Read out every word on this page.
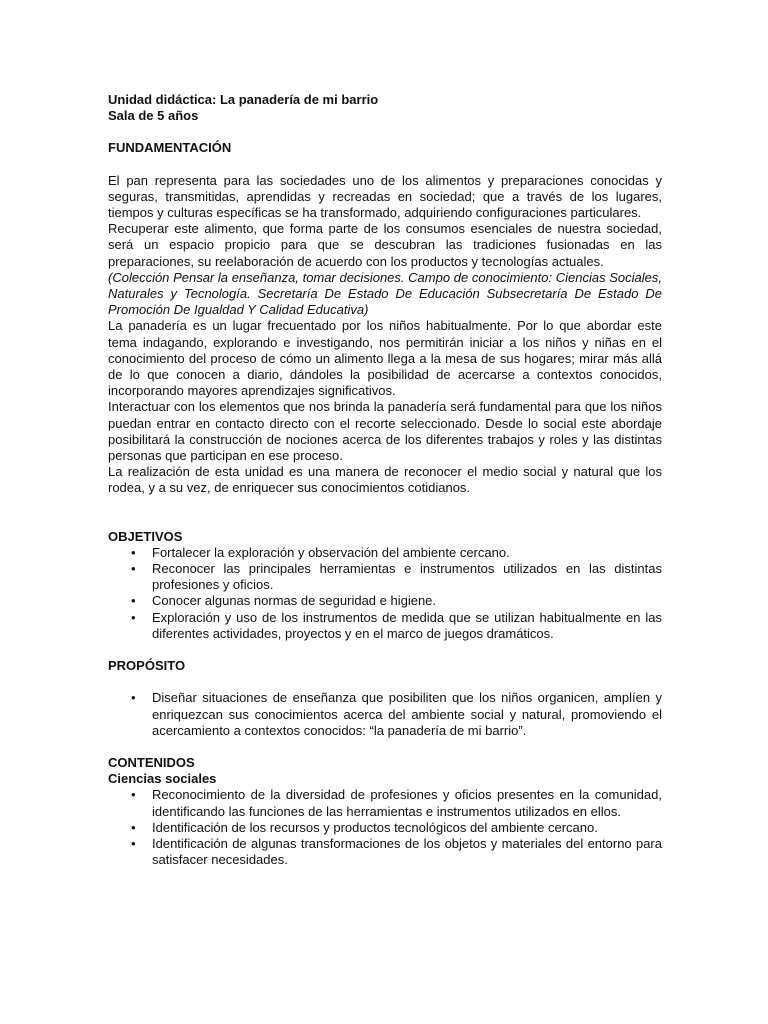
Unidad didáctica: La panadería de mi barrio

Sala de 5 años

FUNDAMENTACIÓN

El pan representa para las sociedades uno de los alimentos y preparaciones conocidas y seguras, transmitidas, aprendidas y recreadas en sociedad; que a través de los lugares, tiempos y culturas específicas se ha transformado, adquiriendo configuraciones particulares.

Recuperar este alimento, que forma parte de los consumos esenciales de nuestra sociedad, será un espacio propicio para que se descubran las tradiciones fusionadas en las preparaciones, su reelaboración de acuerdo con los productos y tecnologías actuales.

(Colección Pensar la enseñanza, tomar decisiones. Campo de conocimiento: Ciencias Sociales, Naturales y Tecnología. Secretaría De Estado De Educación Subsecretaría De Estado De Promoción De Igualdad Y Calidad Educativa)

La panadería es un lugar frecuentado por los niños habitualmente. Por lo que abordar este tema indagando, explorando e investigando, nos permitirán iniciar a los niños y niñas en el conocimiento del proceso de cómo un alimento llega a la mesa de sus hogares; mirar más allá de lo que conocen a diario, dándoles la posibilidad de acercarse a contextos conocidos, incorporando mayores aprendizajes significativos.

Interactuar con los elementos que nos brinda la panadería será fundamental para que los niños puedan entrar en contacto directo con el recorte seleccionado. Desde lo social este abordaje posibilitará la construcción de nociones acerca de los diferentes trabajos y roles y las distintas personas que participan en ese proceso.

La realización de esta unidad es una manera de reconocer el medio social y natural que los rodea, y a su vez, de enriquecer sus conocimientos cotidianos.

OBJETIVOS

• Fortalecer la exploración y observación del ambiente cercano.
• Reconocer las principales herramientas e instrumentos utilizados en las distintas profesiones y oficios.
• Conocer algunas normas de seguridad e higiene.
• Exploración y uso de los instrumentos de medida que se utilizan habitualmente en las diferentes actividades, proyectos y en el marco de juegos dramáticos.

PROPÓSITO

• Diseñar situaciones de enseñanza que posibiliten que los niños organicen, amplíen y enriquezcan sus conocimientos acerca del ambiente social y natural, promoviendo el acercamiento a contextos conocidos: “la panadería de mi barrio”.

CONTENIDOS

Ciencias sociales

• Reconocimiento de la diversidad de profesiones y oficios presentes en la comunidad, identificando las funciones de las herramientas e instrumentos utilizados en ellos.
• Identificación de los recursos y productos tecnológicos del ambiente cercano.
• Identificación de algunas transformaciones de los objetos y materiales del entorno para satisfacer necesidades.
